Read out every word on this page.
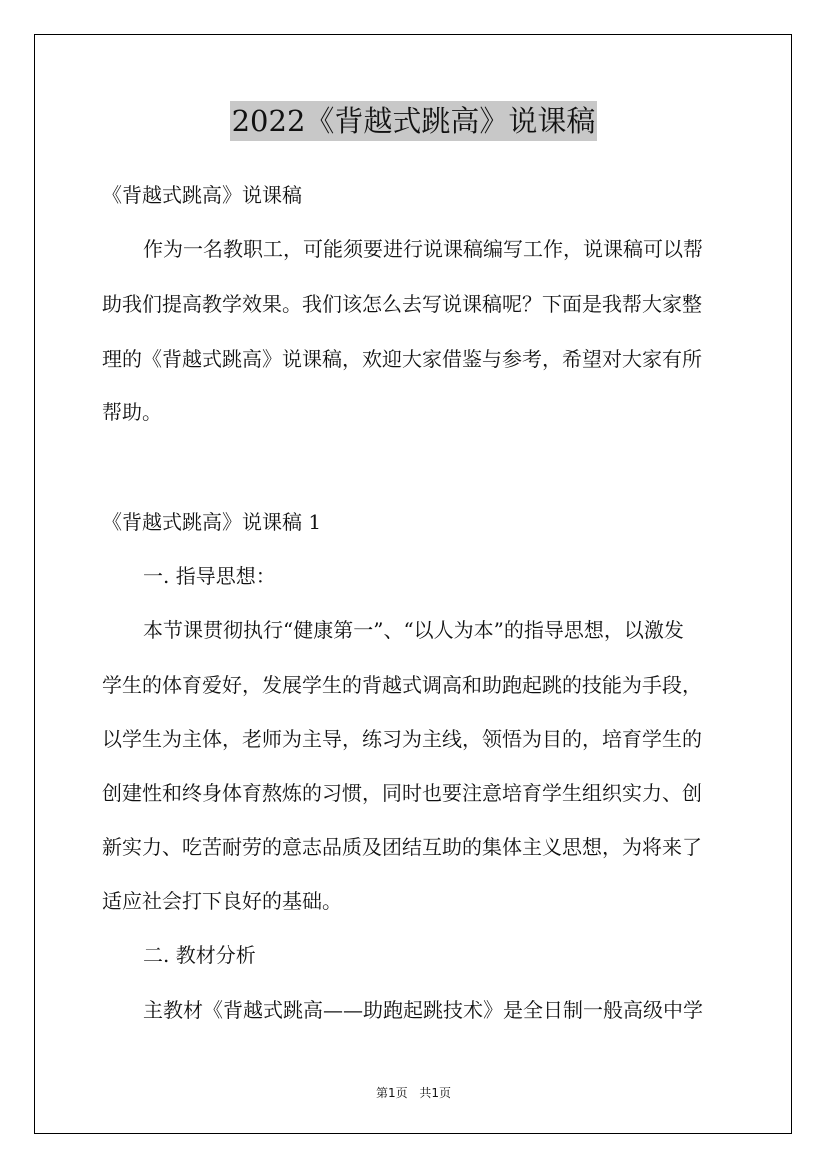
2022《背越式跳高》说课稿
《背越式跳高》说课稿
作为一名教职工，可能须要进行说课稿编写工作，说课稿可以帮
助我们提高教学效果。我们该怎么去写说课稿呢？下面是我帮大家整
理的《背越式跳高》说课稿，欢迎大家借鉴与参考，希望对大家有所
帮助。
《背越式跳高》说课稿 1
一. 指导思想：
本节课贯彻执行“健康第一”、“以人为本”的指导思想，以激发
学生的体育爱好，发展学生的背越式调高和助跑起跳的技能为手段，
以学生为主体，老师为主导，练习为主线，领悟为目的，培育学生的
创建性和终身体育熬炼的习惯，同时也要注意培育学生组织实力、创
新实力、吃苦耐劳的意志品质及团结互助的集体主义思想，为将来了
适应社会打下良好的基础。
二. 教材分析
主教材《背越式跳高——助跑起跳技术》是全日制一般高级中学
第1页 共1页
